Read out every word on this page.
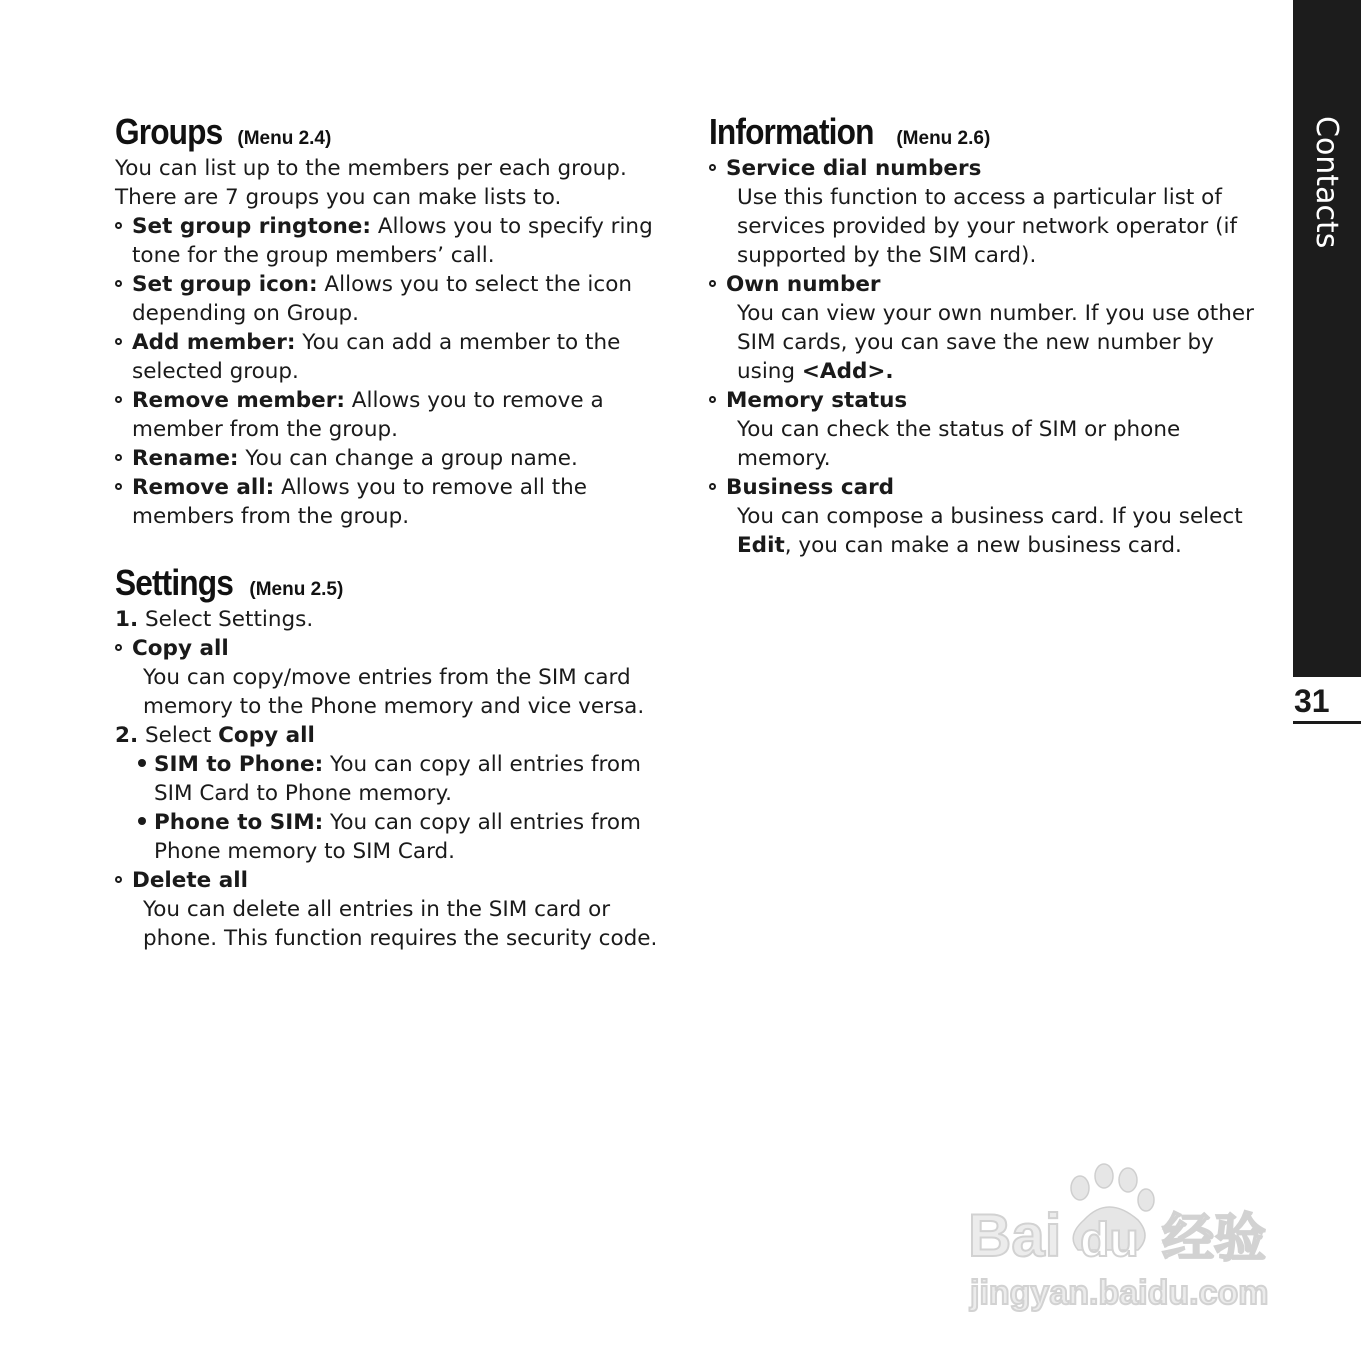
Groups (Menu 2.4)
You can list up to the members per each group.
There are 7 groups you can make lists to.
Set group ringtone: Allows you to specify ring
tone for the group members’ call.
Set group icon: Allows you to select the icon
depending on Group.
Add member: You can add a member to the
selected group.
Remove member: Allows you to remove a
member from the group.
Rename: You can change a group name.
Remove all: Allows you to remove all the
members from the group.
Settings (Menu 2.5)
1. Select Settings.
Copy all
You can copy/move entries from the SIM card
memory to the Phone memory and vice versa.
2. Select Copy all
SIM to Phone: You can copy all entries from
SIM Card to Phone memory.
Phone to SIM: You can copy all entries from
Phone memory to SIM Card.
Delete all
You can delete all entries in the SIM card or
phone. This function requires the security code.
Information (Menu 2.6)
Service dial numbers
Use this function to access a particular list of
services provided by your network operator (if
supported by the SIM card).
Own number
You can view your own number. If you use other
SIM cards, you can save the new number by
using <Add>.
Memory status
You can check the status of SIM or phone
memory.
Business card
You can compose a business card. If you select
Edit, you can make a new business card.
Contacts
31
Bai du 经验
jingyan.baidu.com
